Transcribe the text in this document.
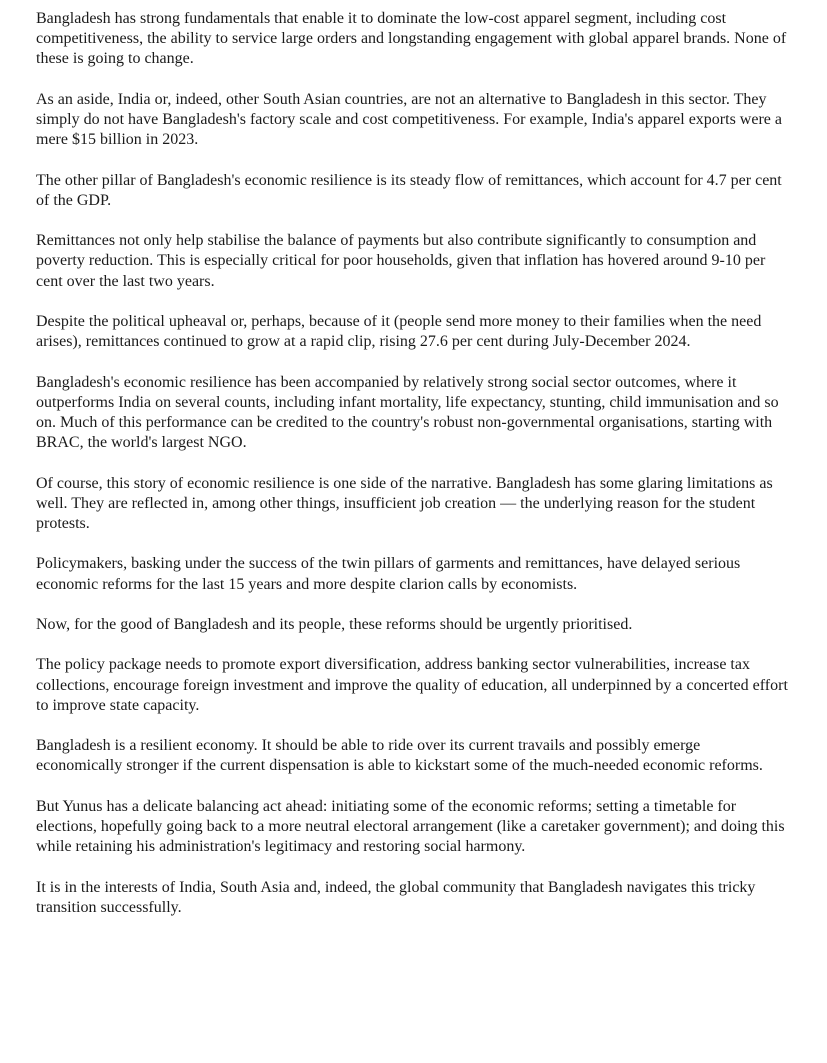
Bangladesh has strong fundamentals that enable it to dominate the low-cost apparel segment, including cost competitiveness, the ability to service large orders and longstanding engagement with global apparel brands. None of these is going to change.

As an aside, India or, indeed, other South Asian countries, are not an alternative to Bangladesh in this sector. They simply do not have Bangladesh's factory scale and cost competitiveness. For example, India's apparel exports were a mere $15 billion in 2023.

The other pillar of Bangladesh's economic resilience is its steady flow of remittances, which account for 4.7 per cent of the GDP.

Remittances not only help stabilise the balance of payments but also contribute significantly to consumption and poverty reduction. This is especially critical for poor households, given that inflation has hovered around 9-10 per cent over the last two years.

Despite the political upheaval or, perhaps, because of it (people send more money to their families when the need arises), remittances continued to grow at a rapid clip, rising 27.6 per cent during July-December 2024.

Bangladesh's economic resilience has been accompanied by relatively strong social sector outcomes, where it outperforms India on several counts, including infant mortality, life expectancy, stunting, child immunisation and so on. Much of this performance can be credited to the country's robust non-governmental organisations, starting with BRAC, the world's largest NGO.

Of course, this story of economic resilience is one side of the narrative. Bangladesh has some glaring limitations as well. They are reflected in, among other things, insufficient job creation — the underlying reason for the student protests.

Policymakers, basking under the success of the twin pillars of garments and remittances, have delayed serious economic reforms for the last 15 years and more despite clarion calls by economists.

Now, for the good of Bangladesh and its people, these reforms should be urgently prioritised.

The policy package needs to promote export diversification, address banking sector vulnerabilities, increase tax collections, encourage foreign investment and improve the quality of education, all underpinned by a concerted effort to improve state capacity.

Bangladesh is a resilient economy. It should be able to ride over its current travails and possibly emerge economically stronger if the current dispensation is able to kickstart some of the much-needed economic reforms.

But Yunus has a delicate balancing act ahead: initiating some of the economic reforms; setting a timetable for elections, hopefully going back to a more neutral electoral arrangement (like a caretaker government); and doing this while retaining his administration's legitimacy and restoring social harmony.

It is in the interests of India, South Asia and, indeed, the global community that Bangladesh navigates this tricky transition successfully.
